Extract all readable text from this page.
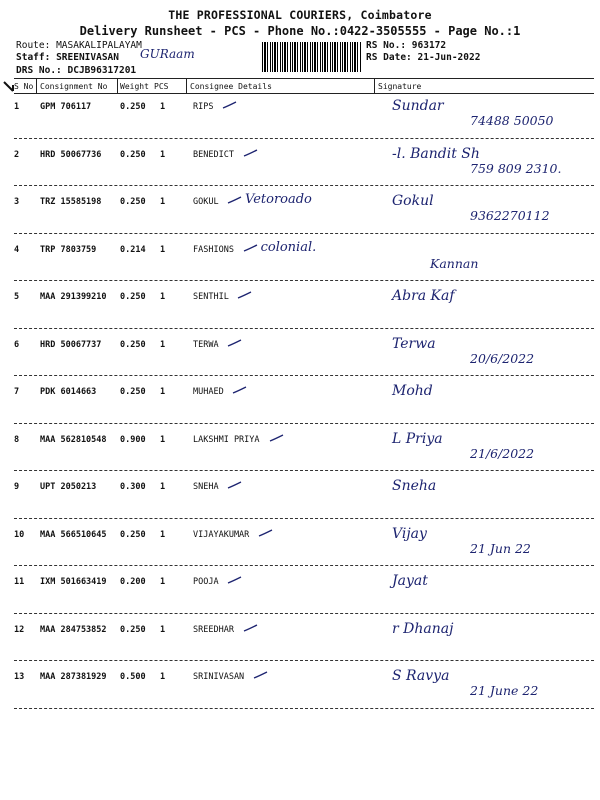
THE PROFESSIONAL COURIERS, Coimbatore
Delivery Runsheet - PCS - Phone No.:0422-3505555 - Page No.:1
Route: MASAKALIPALAYAM
Staff: SREENIVASAN GURaam
DRS No.: DCJB96317201
RS No.: 963172
RS Date: 21-Jun-2022
S No Consignment No Weight PCS	Consignee Details	Signature
1 GPM 706117	0.250 1	RIPS	Sundar
74488 50050
2 HRD 50067736 0.250 1	BENEDICT	-l. Bandit Sh
759 809 2310.
3 TRZ 15585198 0.250 1	GOKUL Vetoroado	Gokul
9362270112
4 TRP 7803759	0.214 1	FASHIONS colonial.
Kannan
5 MAA 291399210 0.250 1	SENTHIL	Abra Kaf
6 HRD 50067737 0.250 1	TERWA	Terwa
20/6/2022
7 PDK 6014663	0.250 1	MUHAED	Mohd
8 MAA 562810548 0.900 1	LAKSHMI PRIYA	L Priya
21/6/2022
9 UPT 2050213	0.300 1	SNEHA	Sneha
10 MAA 566510645 0.250 1	VIJAYAKUMAR	Vijay
21 Jun 22
11 IXM 501663419 0.200 1	POOJA	Jayat
12 MAA 284753852 0.250 1	SREEDHAR	r Dhanaj
13 MAA 287381929 0.500 1	SRINIVASAN	S Ravya
21 June 22
